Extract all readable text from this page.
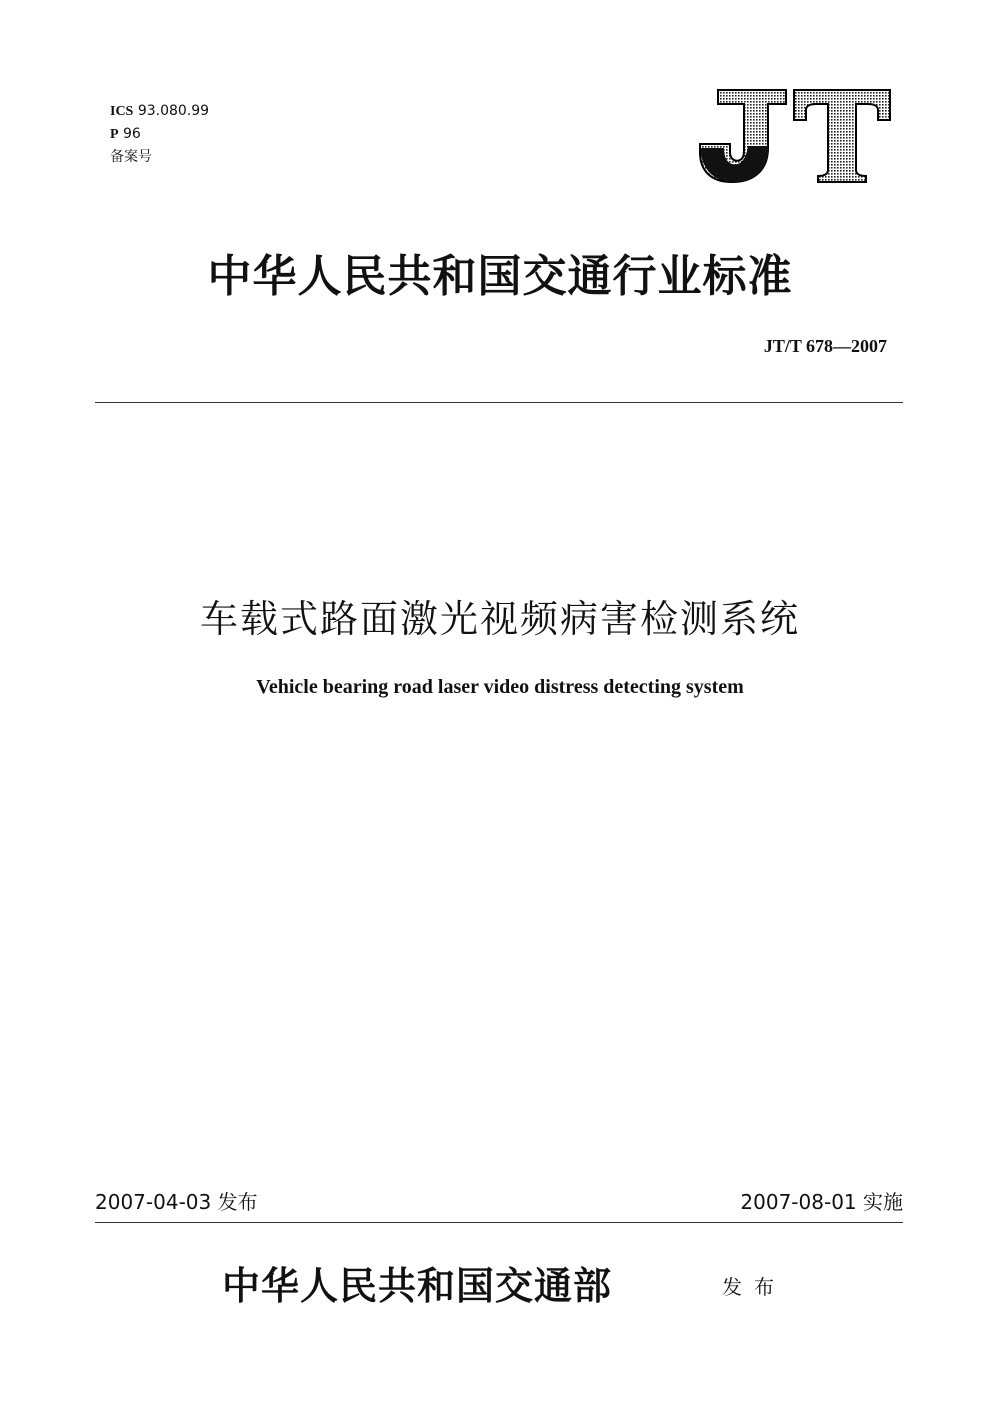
ICS 93.080.99
P 96
备案号
中华人民共和国交通行业标准
JT/T 678—2007
车载式路面激光视频病害检测系统
Vehicle bearing road laser video distress detecting system
2007-04-03 发布	2007-08-01 实施
中华人民共和国交通部	发布
